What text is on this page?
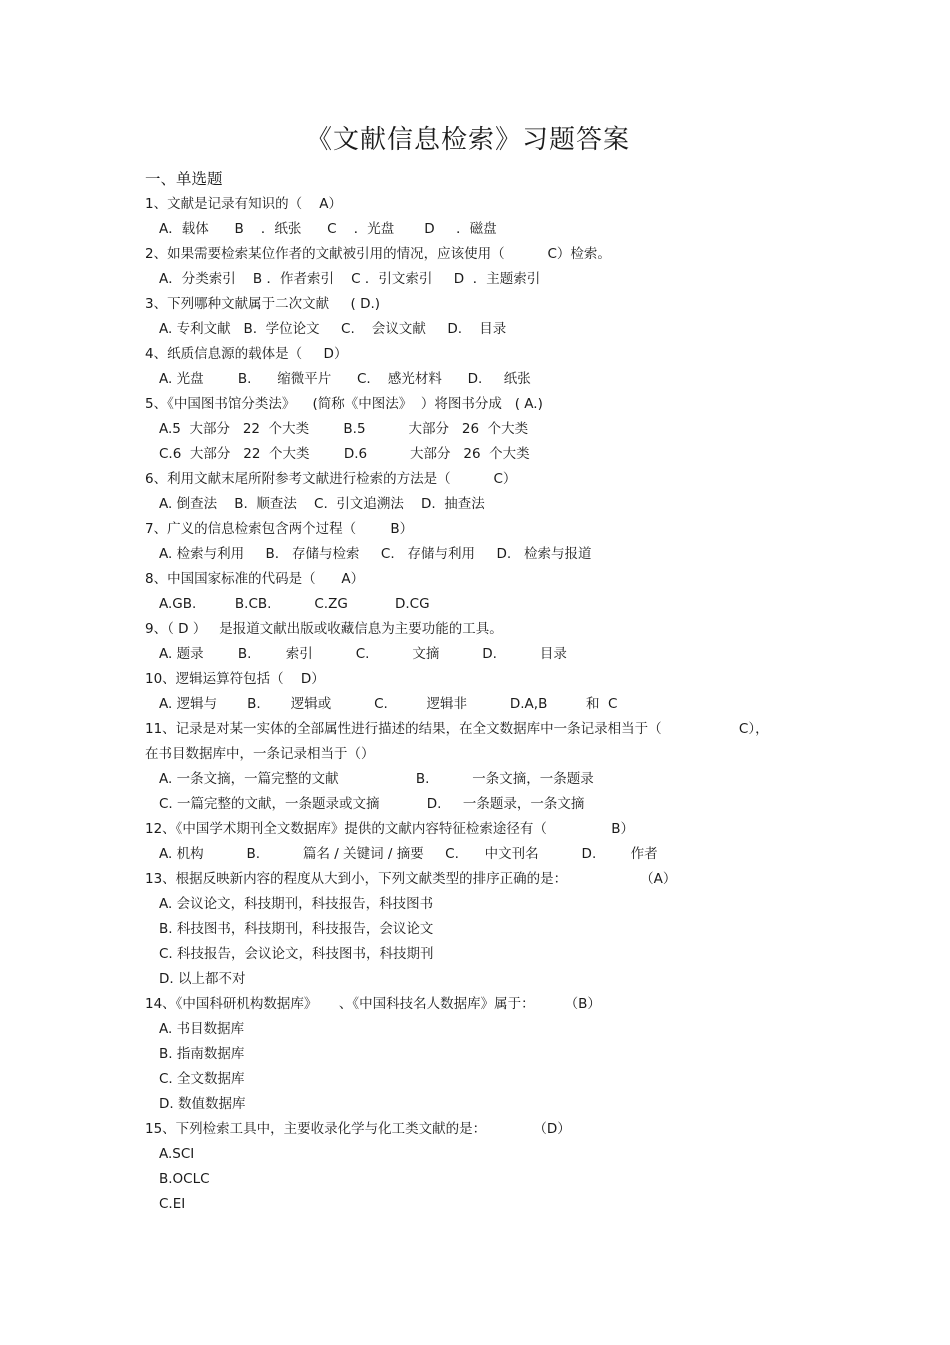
《文献信息检索》习题答案
一、单选题
1、文献是记录有知识的（    A）
A．载体      B    ．纸张      C    ．光盘       D     ．磁盘
2、如果需要检索某位作者的文献被引用的情况，应该使用（          C）检索。
A．分类索引    B ．作者索引    C ．引文索引     D  ．主题索引
3、下列哪种文献属于二次文献     ( D.)
A. 专利文献   B.  学位论文     C.    会议文献     D.    目录
4、纸质信息源的载体是（     D）
A. 光盘        B.      缩微平片      C.    感光材料      D.     纸张
5、《中国图书馆分类法》    (简称《中图法》  ）将图书分成   ( A.)
A.5  大部分   22  个大类        B.5          大部分   26  个大类
C.6  大部分   22  个大类        D.6          大部分   26  个大类
6、利用文献末尾所附参考文献进行检索的方法是（          C）
A. 倒查法    B.  顺查法    C.  引文追溯法    D.  抽查法
7、广义的信息检索包含两个过程（        B）
A. 检索与利用     B.   存储与检索     C.   存储与利用     D.   检索与报道
8、中国国家标准的代码是（      A）
A.GB.         B.CB.          C.ZG           D.CG
9、（ D ）   是报道文献出版或收藏信息为主要功能的工具。
A. 题录        B.        索引          C.          文摘          D.          目录
10、逻辑运算符包括（    D）
A. 逻辑与       B.       逻辑或          C.         逻辑非          D.A,B         和  C
11、记录是对某一实体的全部属性进行描述的结果，在全文数据库中一条记录相当于（                  C），
在书目数据库中，一条记录相当于（）
A. 一条文摘，一篇完整的文献                  B.          一条文摘，一条题录
C. 一篇完整的文献，一条题录或文摘           D.     一条题录，一条文摘
12、《中国学术期刊全文数据库》提供的文献内容特征检索途径有（               B）
A. 机构          B.          篇名 / 关键词 / 摘要     C.      中文刊名          D.        作者
13、根据反映新内容的程度从大到小，下列文献类型的排序正确的是：                 （A）
A. 会议论文，科技期刊，科技报告，科技图书
B. 科技图书，科技期刊，科技报告，会议论文
C. 科技报告，会议论文，科技图书，科技期刊
D. 以上都不对
14、《中国科研机构数据库》     、《中国科技名人数据库》属于：       （B）
A. 书目数据库
B. 指南数据库
C. 全文数据库
D. 数值数据库
15、下列检索工具中，主要收录化学与化工类文献的是：           （D）
A.SCI
B.OCLC
C.EI
